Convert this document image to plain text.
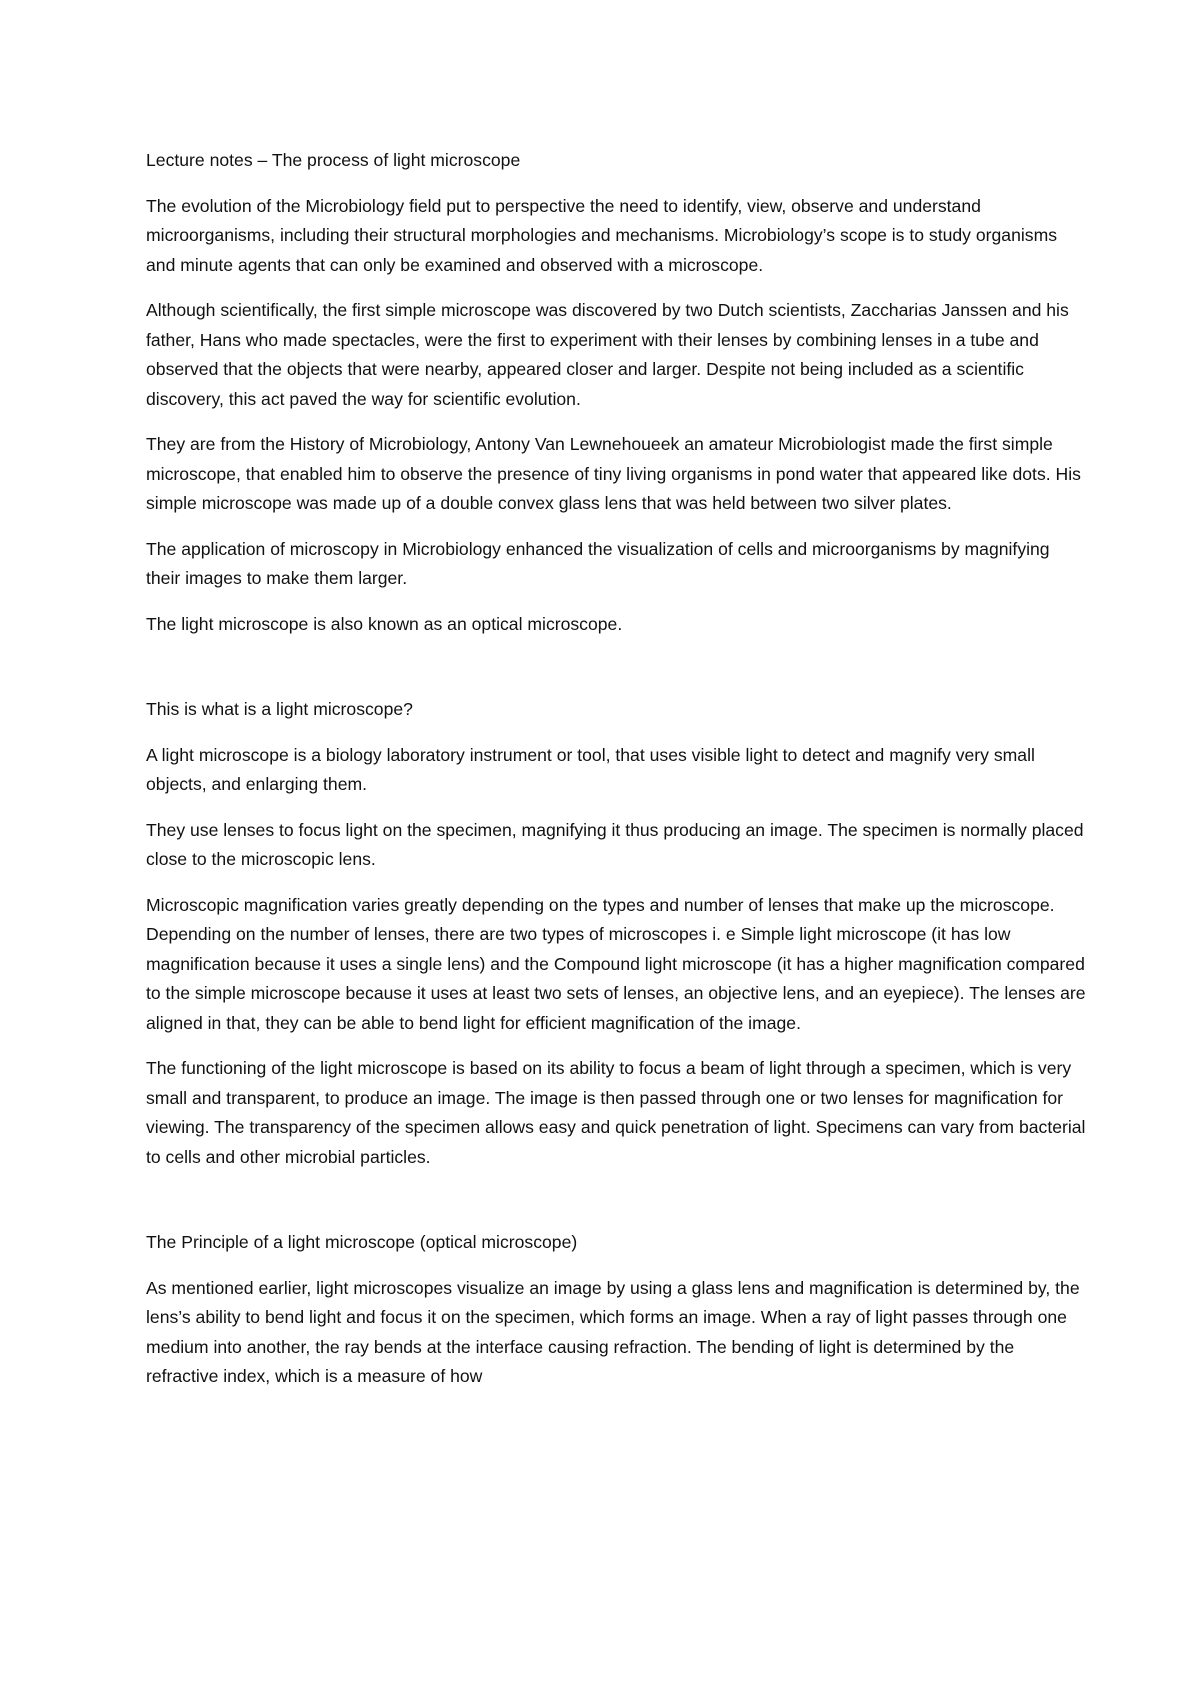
Lecture notes – The process of light microscope

The evolution of the Microbiology field put to perspective the need to identify, view, observe and understand microorganisms, including their structural morphologies and mechanisms. Microbiology’s scope is to study organisms and minute agents that can only be examined and observed with a microscope.

Although scientifically, the first simple microscope was discovered by two Dutch scientists, Zaccharias Janssen and his father, Hans who made spectacles, were the first to experiment with their lenses by combining lenses in a tube and observed that the objects that were nearby, appeared closer and larger. Despite not being included as a scientific discovery, this act paved the way for scientific evolution.

They are from the History of Microbiology, Antony Van Lewnehoueek an amateur Microbiologist made the first simple microscope, that enabled him to observe the presence of tiny living organisms in pond water that appeared like dots. His simple microscope was made up of a double convex glass lens that was held between two silver plates.

The application of microscopy in Microbiology enhanced the visualization of cells and microorganisms by magnifying their images to make them larger.

The light microscope is also known as an optical microscope.

This is what is a light microscope?

A light microscope is a biology laboratory instrument or tool, that uses visible light to detect and magnify very small objects, and enlarging them.

They use lenses to focus light on the specimen, magnifying it thus producing an image. The specimen is normally placed close to the microscopic lens.

Microscopic magnification varies greatly depending on the types and number of lenses that make up the microscope. Depending on the number of lenses, there are two types of microscopes i. e Simple light microscope (it has low magnification because it uses a single lens) and the Compound light microscope (it has a higher magnification compared to the simple microscope because it uses at least two sets of lenses, an objective lens, and an eyepiece). The lenses are aligned in that, they can be able to bend light for efficient magnification of the image.

The functioning of the light microscope is based on its ability to focus a beam of light through a specimen, which is very small and transparent, to produce an image. The image is then passed through one or two lenses for magnification for viewing. The transparency of the specimen allows easy and quick penetration of light. Specimens can vary from bacterial to cells and other microbial particles.

The Principle of a light microscope (optical microscope)

As mentioned earlier, light microscopes visualize an image by using a glass lens and magnification is determined by, the lens’s ability to bend light and focus it on the specimen, which forms an image. When a ray of light passes through one medium into another, the ray bends at the interface causing refraction. The bending of light is determined by the refractive index, which is a measure of how
